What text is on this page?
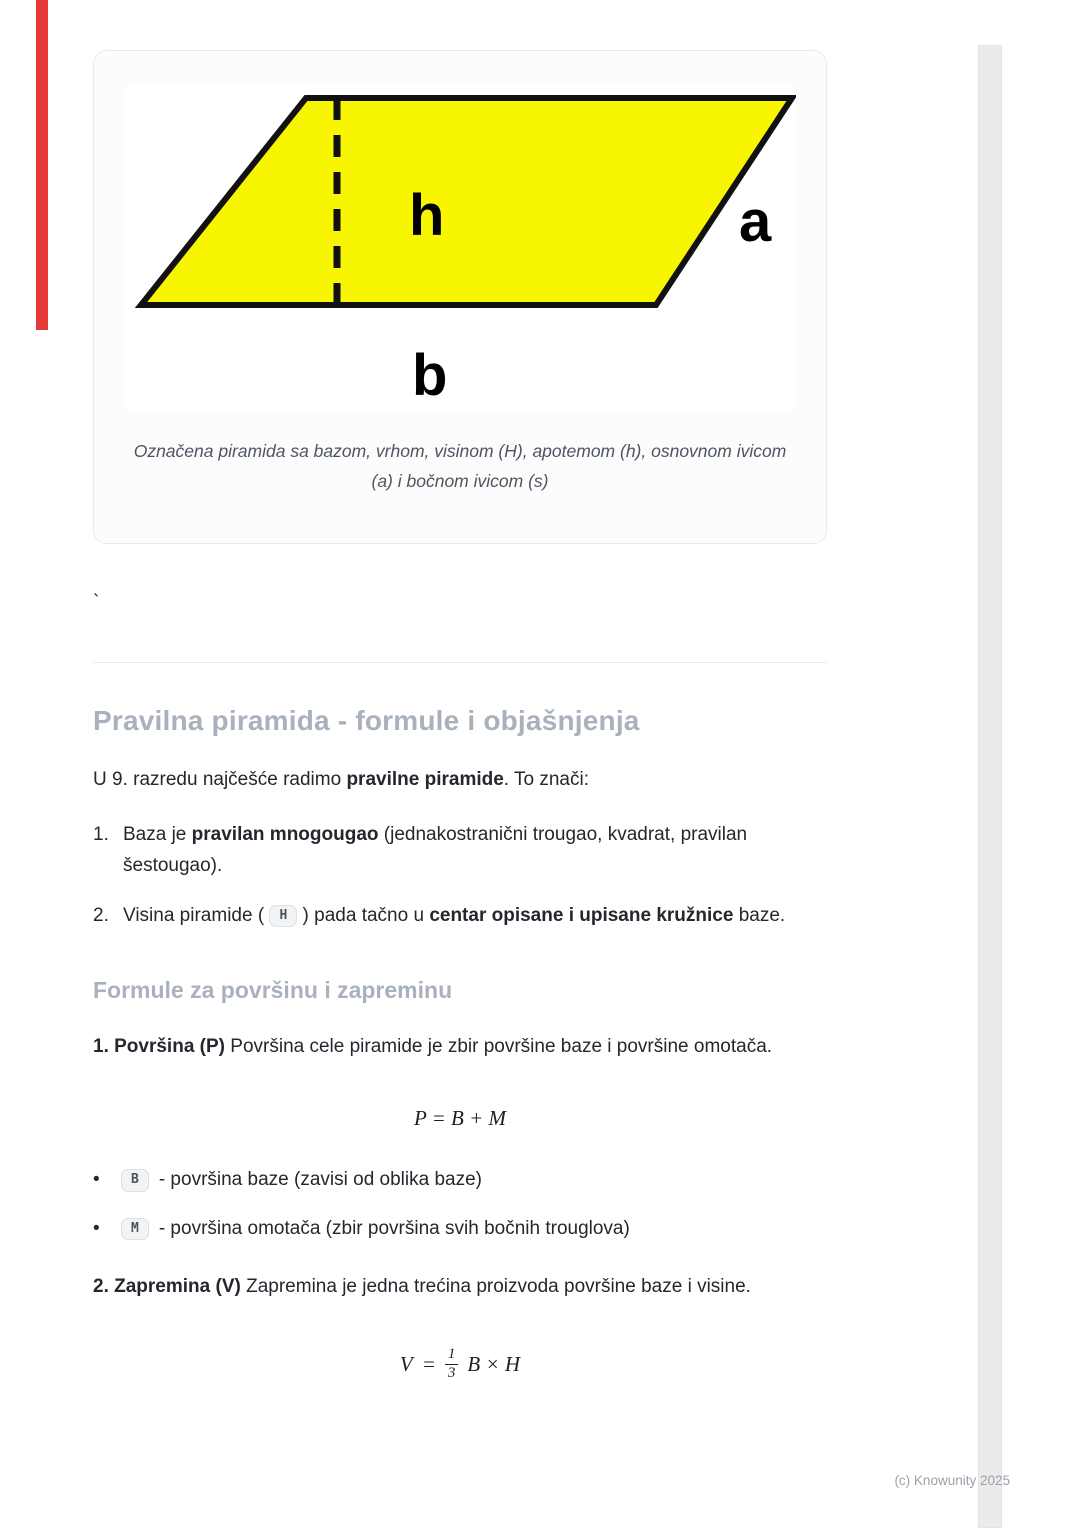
h	a
b
Označena piramida sa bazom, vrhom, visinom (H), apotemom (h), osnovnom ivicom (a) i bočnom ivicom (s)

`

Pravilna piramida - formule i objašnjenja

U 9. razredu najčešće radimo pravilne piramide. To znači:

1. Baza je pravilan mnogougao (jednakostranični trougao, kvadrat, pravilan šestougao).
2. Visina piramide ( H ) pada tačno u centar opisane i upisane kružnice baze.
Formule za površinu i zapreminu

1. Površina (P) Površina cele piramide je zbir površine baze i površine omotača.

P = B + M
•	B - površina baze (zavisi od oblika baze)
•	M - površina omotača (zbir površina svih bočnih trouglova)

2. Zapremina (V) Zapremina je jedna trećina proizvoda površine baze i visine.

$V = \frac{1}{3}$ B × H
(c) Knowunity 2025
